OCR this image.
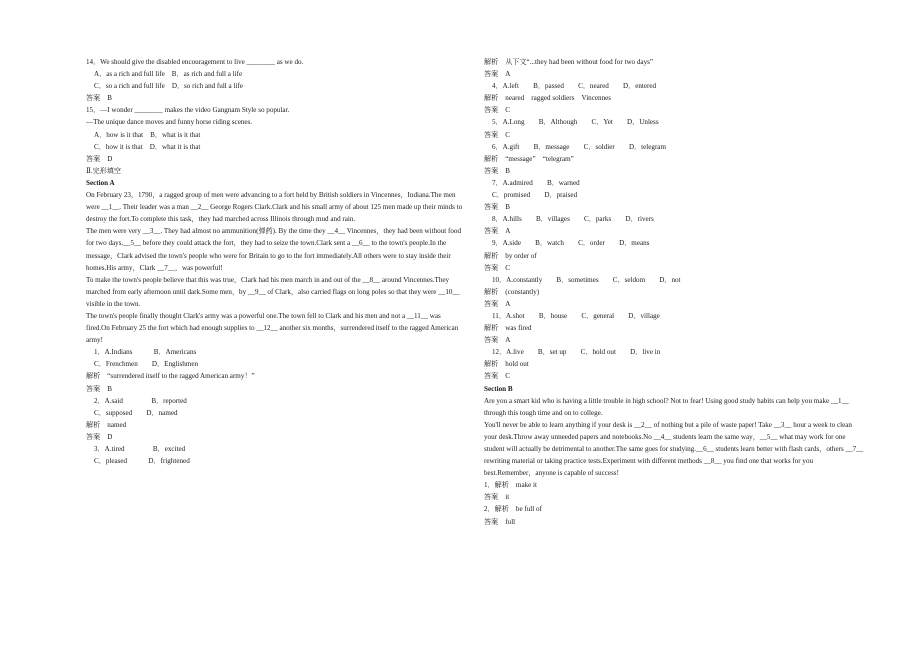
14．We should give the disabled encouragement to live ________ as we do.
A．as a rich and full life　B．as rich and full a life
C．so a rich and full life　D．so rich and full a life
答案　B
15．—I wonder ________ makes the video Gangnam Style so popular.
—The unique dance moves and funny horse riding scenes.
A．how is it that　B．what is it that
C．how it is that　D．what it is that
答案　D
Ⅱ.完形填空
Section A
On February 23，1790，a ragged group of men were advancing to a fort held by British soldiers in Vincennes，Indiana.The men were __1__. Their leader was a man __2__ George Rogers Clark.Clark and his small army of about 125 men made up their minds to destroy the fort.To complete this task，they had marched across Illinois through mud and rain.
The men were very __3__. They had almost no ammunition(弹药). By the time they __4__ Vincennes，they had been without food for two days.__5__ before they could attack the fort，they had to seize the town.Clark sent a __6__ to the town's people.In the message，Clark advised the town's people who were for Britain to go to the fort immediately.All others were to stay inside their homes.His army，Clark __7__，was powerful!
To make the town's people believe that this was true，Clark had his men march in and out of the __8__ around Vincennes.They marched from early afternoon until dark.Some men，by __9__ of Clark，also carried flags on long poles so that they were __10__ visible in the town.
The town's people finally thought Clark's army was a powerful one.The town fell to Clark and his men and not a __11__ was fired.On February 25 the fort which had enough supplies to __12__ another six months，surrendered itself to the ragged American army!
1．A.Indians　　　B．Americans
C．Frenchmen　　D．Englishmen
解析　“surrendered itself to the ragged American army！”
答案　B
2．A.said　　　　B．reported
C．supposed　　D．named
解析　named
答案　D
3．A.tired　　　　B．excited
C．pleased　　　D．frightened
解析　从下文“...they had been without food for two days”
答案　A
4．A.left　　B．passed　　C．neared　　D．entered
解析　neared　ragged soldiers　Vincennes
答案　C
5．A.Long　　B．Although　　C．Yet　　D．Unless
答案　C
6．A.gift　　B．message　　C．soldier　　D．telegram
解析　“message”　“telegram”
答案　B
7．A.admired　　B．warned
C．promised　　D．praised
答案　B
8．A.hills　　B．villages　　C．parks　　D．rivers
答案　A
9．A.side　　B．watch　　C．order　　D．means
解析　by order of
答案　C
10．A.constantly　　B．sometimes　　C．seldom　　D．not
解析　(constantly)
答案　A
11．A.shot　　B．house　　C．general　　D．village
解析　was fired
答案　A
12．A.live　　B．set up　　C．hold out　　D．live in
解析　hold out
答案　C
Section B
Are you a smart kid who is having a little trouble in high school? Not to fear! Using good study habits can help you make __1__ through this tough time and on to college.
You'll never be able to learn anything if your desk is __2__ of nothing but a pile of waste paper! Take __3__ hour a week to clean your desk.Throw away unneeded papers and notebooks.No __4__ students learn the same way，__5__ what may work for one student will actually be detrimental to another.The same goes for studying.__6__ students learn better with flash cards，others __7__ rewriting material or taking practice tests.Experiment with different methods __8__ you find one that works for you best.Remember，anyone is capable of success!
1．解析　make it
答案　it
2．解析　be full of
答案　full
